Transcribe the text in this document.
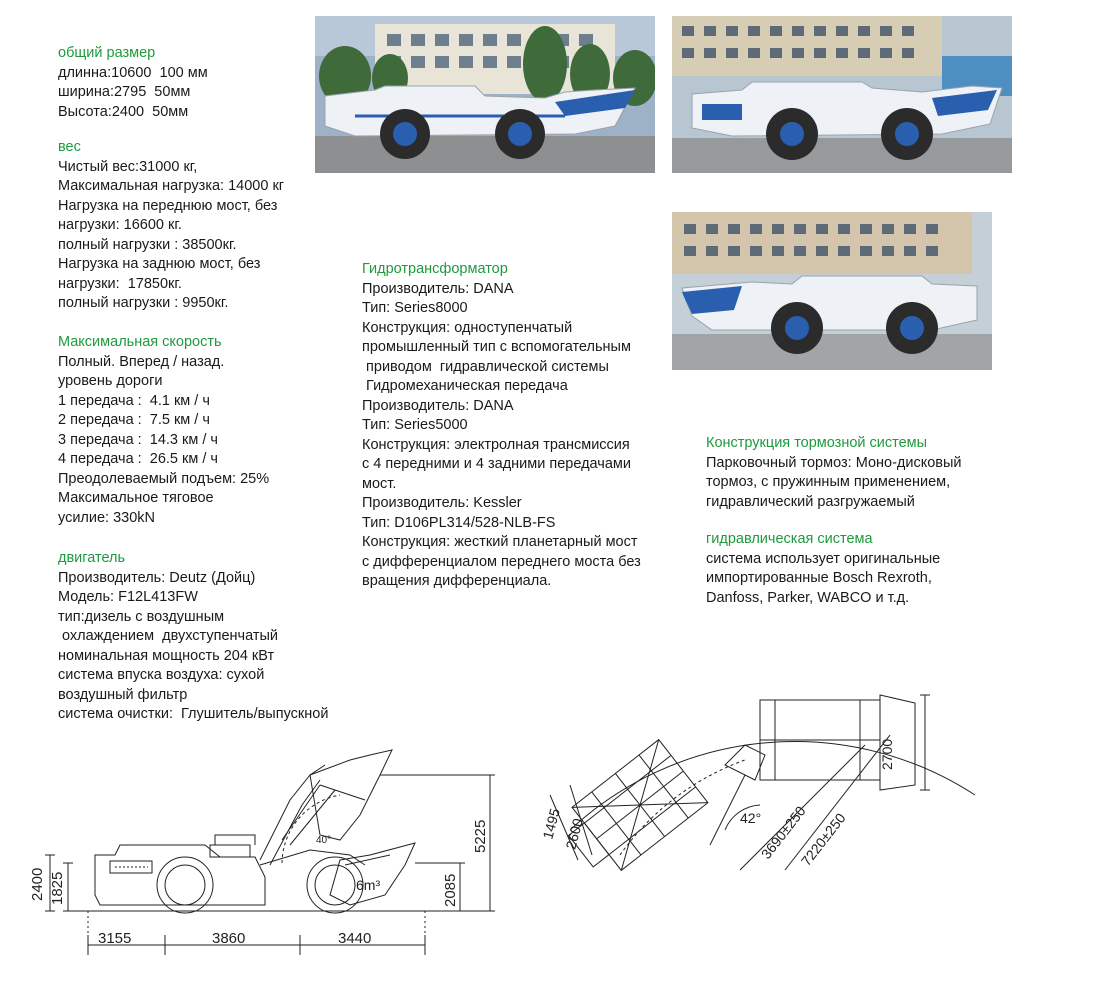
общий размер
длинна:10600  100 мм
ширина:2795  50мм
Высота:2400  50мм
вес
Чистый вес:31000 кг,
Максимальная нагрузка: 14000 кг
Нагрузка на переднюю мост, без
нагрузки: 16600 кг.
полный нагрузки : 38500кг.
Нагрузка на заднюю мост, без
нагрузки:  17850кг.
полный нагрузки : 9950кг.
Максимальная скорость
Полный. Вперед / назад.
уровень дороги
1 передача :  4.1 км / ч
2 передача :  7.5 км / ч
3 передача :  14.3 км / ч
4 передача :  26.5 км / ч
Преодолеваемый подъем: 25%
Максимальное тяговое
усилие: 330kN
двигатель
Производитель: Deutz (Дойц)
Модель: F12L413FW
тип:дизель с воздушным
охлаждением  двухступенчатый
номинальная мощность 204 кВт
система впуска воздуха: сухой
воздушный фильтр
система очистки:  Глушитель/выпускной
Гидротрансформатор
Производитель: DANA
Тип: Series8000
Конструкция: одноступенчатый
промышленный тип с вспомогательным
приводом  гидравлической системы
Гидромеханическая передача
Производитель: DANA
Тип: Series5000
Конструкция: электролная трансмиссия
с 4 передними и 4 задними передачами
мост.
Производитель: Kessler
Тип: D106PL314/528-NLB-FS
Конструкция: жесткий планетарный мост
с дифференциалом переднего моста без
вращения дифференциала.
Конструкция тормозной системы
Парковочный тормоз: Моно-дисковый
тормоз, с пружинным применением,
гидравлический разгружаемый
гидравлическая система
система использует оригинальные
импортированные Bosch Rexroth,
Danfoss, Parker, WABCO и т.д.
2400 1825
5225
2085
3155	3860	3440
40°
6m³
1495 2600
2700
42°
3690±250
7220±250
